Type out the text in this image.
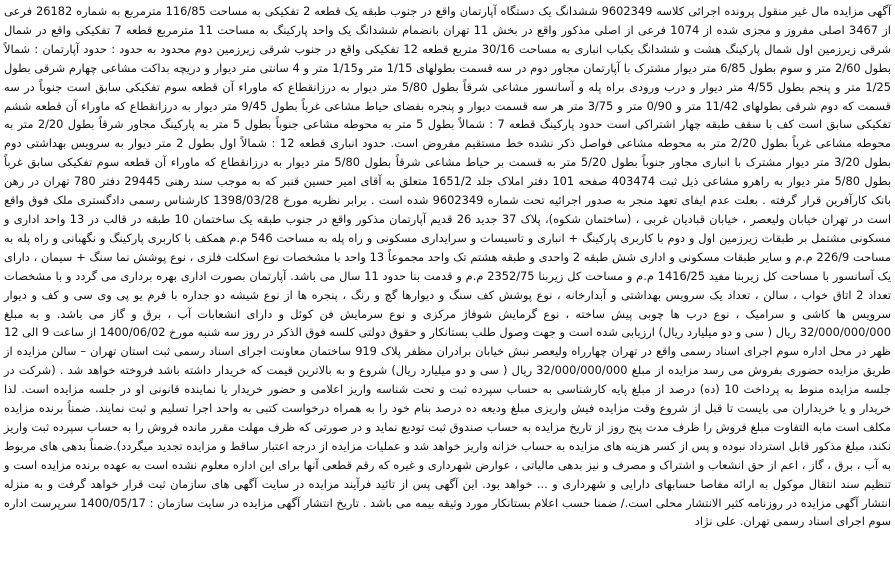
آگهی مزایده مال غیر منقول پرونده اجرائی کلاسه 9602349 ششدانگ یک دستگاه آپارتمان واقع در جنوب طبقه یک قطعه 2 تفکیکی به مساحت 116/85 مترمربع به شماره 26182 فرعی از 3467 اصلی مفروز و مجزی شده از 1074 فرعی از اصلی مذکور واقع در بخش 11 تهران بانضمام ششدانگ یک واحد پارکینگ به مساحت 11 مترمربع قطعه 7 تفکیکی واقع در شمال شرقی زیرزمین اول شمال پارکینگ هشت و ششدانگ یکباب انباری به مساحت 30/16 متربع قطعه 12 تفکیکی واقع در جنوب شرقی زیرزمین دوم محدود به حدود : حدود آپارتمان : شمالاً بطول 2/60 متر و سوم بطول 6/85 متر دیوار مشترک با آپارتمان مجاور دوم در سه قسمت بطولهای 1/15 متر و1/15 متر و 4 سانتی متر دیوار و دریچه بداکت مشاعی چهارم شرقی بطول 1/25 متر و پنجم بطول 4/55 متر دیوار و درب ورودی براه پله و آسانسور مشاعی شرقاً بطول 5/80 متر دیوار به درزانقطاع که ماوراء آن قطعه سوم تفکیکی سابق است جنوباً در سه قسمت که دوم شرقی بطولهای 11/42 متر و 0/90 متر و 3/75 متر هر سه قسمت دیوار و پنجره بفضای حیاط مشاعی غرباً بطول 9/45 متر دیوار به درزانقطاع که ماوراء آن قطعه ششم تفکیکی سابق است کف با سقف طبقه چهار اشتراکی است حدود پارکینگ قطعه 7 : شمالاً بطول 5 متر به محوطه مشاعی جنوباً بطول 5 متر به پارکینگ مجاور شرقاً بطول 2/20 متر به محوطه مشاعی غرباً بطول 2/20 متر به محوطه مشاعی فواصل ذکر نشده خط مستقیم مفروض است. حدود انباری قطعه 12 : شمالاً اول بطول 2 متر دیوار به سرویس بهداشتی دوم بطول 3/20 متر دیوار مشترک با انباری مجاور جنوباً بطول 5/20 متر به قسمت بر حیاط مشاعی شرقاً بطول 5/80 متر دیوار به درزانقطاع که ماوراء آن قطعه سوم تفکیکی سابق غرباً بطول 5/80 متر دیوار به راهرو مشاعی ذیل ثبت 403474 صفحه 101 دفتر املاک جلد 1651/2 متعلق به آقای امیر حسین قنبر که به موجب سند رهنی 29445 دفتر 780 تهران در رهن بانک کارآفرین قرار گرفته . بعلت عدم ایفای تعهد منجر به صدور اجرائیه تحت شماره 9602349 شده است . برابر نظریه مورخ 1398/03/28 کارشناس رسمی دادگستری ملک فوق واقع است در تهران خیابان ولیعصر ، خیابان قبادیان غربی ، (ساختمان شکوه)، پلاک 37 جدید 26 قدیم آپارتمان مذکور واقع در جنوب طبقه یک ساختمان 10 طبقه در قالب در 13 واحد اداری و مسکونی مشتمل بر طبقات زیرزمین اول و دوم با کاربری پارکینگ + انباری و تاسیسات و سرایداری مسکونی و راه پله به مساحت 546 م.م همکف با کاربری پارکینگ و نگهبانی و راه پله به مساحت 226/9 م.م و سایر طبقات مسکونی و اداری شش طبقه 2 واحدی و طبقه هشتم تک واحد مجموعاً 13 واحد با مشخصات نوع اسکلت فلزی ، نوع پوشش نما سنگ + سیمان ، دارای یک آسانسور با مساحت کل زیربنا مفید 1416/25 م.م و مساحت کل زیربنا 2352/75 م.م و قدمت بنا حدود 11 سال می باشد. آپارتمان بصورت اداری بهره برداری می گردد و با مشخصات تعداد 2 اتاق خواب ، سالن ، تعداد یک سرویس بهداشتی و آبدارخانه ، نوع پوشش کف سنگ و دیوارها گچ و رنگ ، پنجره ها از نوع شیشه دو جداره با فرم یو پی وی سی و کف و دیوار سرویس ها کاشی و سرامیک ، نوع درب ها چوبی پیش ساخته ، نوع گرمایش شوفاژ مرکزی و نوع سرمایش فن کوئل و دارای انشعابات آب ، برق و گاز می باشد. و به مبلغ 32/000/000/000 ریال ( سی و دو میلیارد ریال) ارزیابی شده است و جهت وصول طلب بستانکار و حقوق دولتی کلسه فوق الذکر در روز سه شنبه مورخ 1400/06/02 از ساعت 9 الی 12 ظهر در محل اداره سوم اجرای اسناد رسمی واقع در تهران چهارراه ولیعصر نبش خیابان برادران مظفر پلاک 919 ساختمان معاونت اجرای اسناد رسمی ثبت استان تهران – سالن مزایده از طریق مزایده حضوری بفروش می رسد مزایده از مبلغ 32/000/000/000 ریال ( سی و دو میلیارد ریال) شروع و به بالاترین قیمت که خریدار داشته باشد فروخته خواهد شد . (شرکت در جلسه مزایده منوط به پرداخت 10 (ده) درصد از مبلغ پایه کارشناسی به حساب سپرده ثبت و تحت شناسه واریز اعلامی و حضور خریدار یا نماینده قانونی او در جلسه مزایده است. لذا خریدار و یا خریداران می بایست تا قبل از شروع وقت مزایده فیش واریزی مبلغ ودیعه ده درصد بنام خود را به همراه درخواست کتبی به واحد اجرا تسلیم و ثبت نمایند. ضمناً برنده مزایده مکلف است مابه التفاوت مبلغ فروش را ظرف مدت پنج روز از تاریخ مزایده به حساب صندوق ثبت تودیع نماید و در صورتی که ظرف مهلت مقرر مانده فروش را به حساب سپرده ثبت واریز نکند، مبلغ مذکور قابل استرداد نبوده و پس از کسر هزینه های مزایده به حساب خزانه واریز خواهد شد و عملیات مزایده از درجه اعتبار ساقط و مزایده تجدید میگردد).ضمناً بدهی های مربوط به آب ، برق ، گاز ، اعم از حق انشعاب و اشتراک و مصرف و نیز بدهی مالیاتی ، عوارض شهرداری و غیره که رقم قطعی آنها برای این اداره معلوم نشده است به عهده برنده مزایده است و تنظیم سند انتقال موکول به ارائه مفاصا حسابهای دارایی و شهرداری و ... خواهد بود. این آگهی پس از تائید فرآیند مزایده در سایت آگهی های سازمان ثبت قرار خواهد گرفت و به منزله انتشار آگهی مزایده در روزنامه کثیر الانتشار محلی است./ ضمنا حسب اعلام بستانکار مورد وثیقه بیمه می باشد . تاریخ انتشار آگهی مزایده در سایت سازمان : 1400/05/17 سرپرست اداره سوم اجرای اسناد رسمی تهران. علی نژاد
